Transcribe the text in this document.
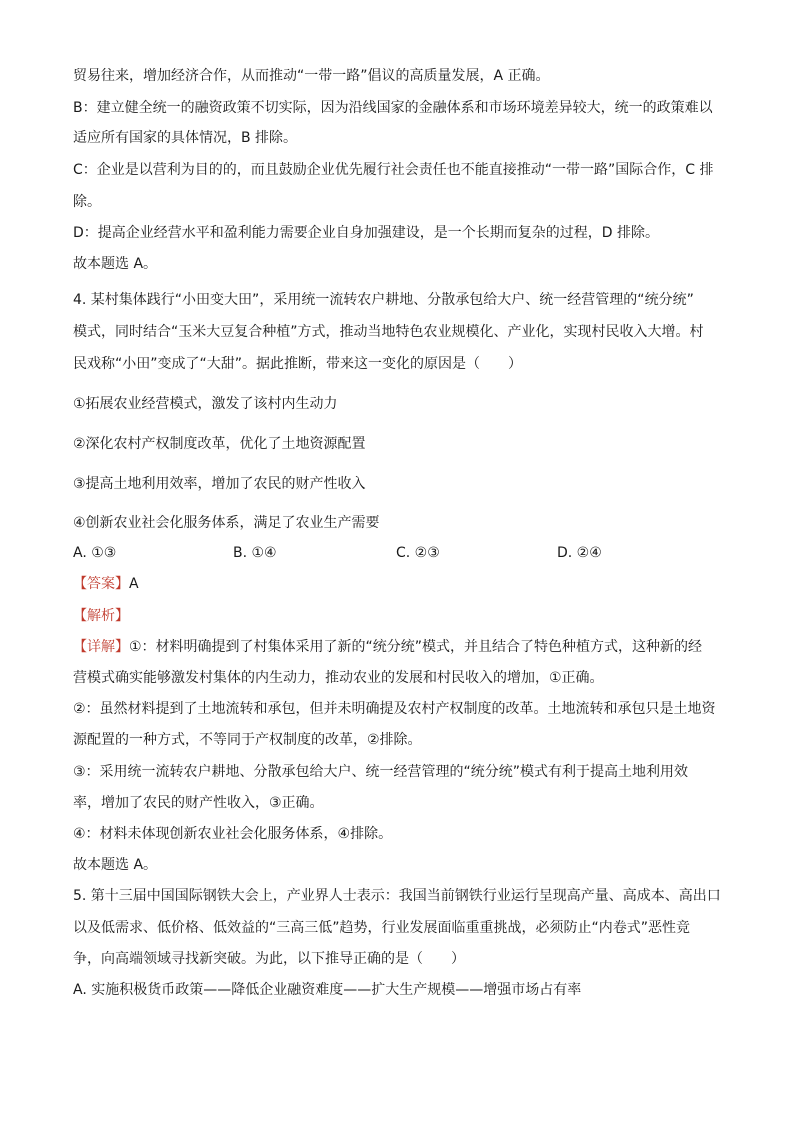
贸易往来，增加经济合作，从而推动“一带一路”倡议的高质量发展，A 正确。
B：建立健全统一的融资政策不切实际，因为沿线国家的金融体系和市场环境差异较大，统一的政策难以
适应所有国家的具体情况，B 排除。
C：企业是以营利为目的的，而且鼓励企业优先履行社会责任也不能直接推动“一带一路”国际合作，C 排
除。
D：提高企业经营水平和盈利能力需要企业自身加强建设，是一个长期而复杂的过程，D 排除。
故本题选 A。
4. 某村集体践行“小田变大田”，采用统一流转农户耕地、分散承包给大户、统一经营管理的“统分统”
模式，同时结合“玉米大豆复合种植”方式，推动当地特色农业规模化、产业化，实现村民收入大增。村
民戏称“小田”变成了“大甜”。据此推断，带来这一变化的原因是（　　）
①拓展农业经营模式，激发了该村内生动力
②深化农村产权制度改革，优化了土地资源配置
③提高土地利用效率，增加了农民的财产性收入
④创新农业社会化服务体系，满足了农业生产需要
A. ①③	B. ①④	C. ②③	D. ②④
【答案】A
【解析】
【详解】①：材料明确提到了村集体采用了新的“统分统”模式，并且结合了特色种植方式，这种新的经
营模式确实能够激发村集体的内生动力，推动农业的发展和村民收入的增加，①正确。
②：虽然材料提到了土地流转和承包，但并未明确提及农村产权制度的改革。土地流转和承包只是土地资
源配置的一种方式，不等同于产权制度的改革，②排除。
③：采用统一流转农户耕地、分散承包给大户、统一经营管理的“统分统”模式有利于提高土地利用效
率，增加了农民的财产性收入，③正确。
④：材料未体现创新农业社会化服务体系，④排除。
故本题选 A。
5. 第十三届中国国际钢铁大会上，产业界人士表示：我国当前钢铁行业运行呈现高产量、高成本、高出口
以及低需求、低价格、低效益的“三高三低”趋势，行业发展面临重重挑战，必须防止“内卷式”恶性竞
争，向高端领域寻找新突破。为此，以下推导正确的是（　　）
A. 实施积极货币政策——降低企业融资难度——扩大生产规模——增强市场占有率
